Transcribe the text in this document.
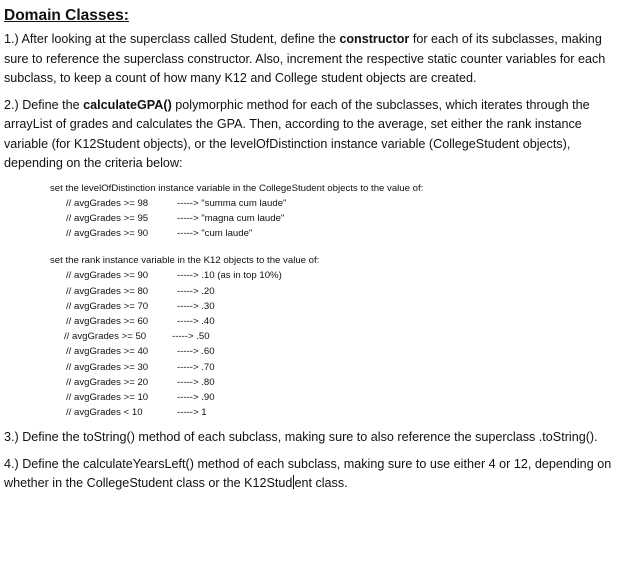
Domain Classes:

1.) After looking at the superclass called Student, define the constructor for each of its subclasses, making sure to reference the superclass constructor. Also, increment the respective static counter variables for each subclass, to keep a count of how many K12 and College student objects are created.

2.) Define the calculateGPA() polymorphic method for each of the subclasses, which iterates through the arrayList of grades and calculates the GPA. Then, according to the average, set either the rank instance variable (for K12Student objects), or the levelOfDistinction instance variable (CollegeStudent objects), depending on the criteria below:

set the levelOfDistinction instance variable in the CollegeStudent objects to the value of:
// avgGrades >= 98	-----> "summa cum laude"
// avgGrades >= 95	-----> "magna cum laude"
// avgGrades >= 90	-----> "cum laude"
set the rank instance variable in the K12 objects to the value of:
// avgGrades >= 90	-----> .10 (as in top 10%)
// avgGrades >= 80	-----> .20
// avgGrades >= 70	-----> .30
// avgGrades >= 60	-----> .40
// avgGrades >= 50	-----> .50
// avgGrades >= 40	-----> .60
// avgGrades >= 30	-----> .70
// avgGrades >= 20	-----> .80
// avgGrades >= 10	-----> .90
// avgGrades < 10	-----> 1

3.) Define the toString() method of each subclass, making sure to also reference the superclass .toString().

4.) Define the calculateYearsLeft() method of each subclass, making sure to use either 4 or 12, depending on whether in the CollegeStudent class or the K12Stud ent class.
